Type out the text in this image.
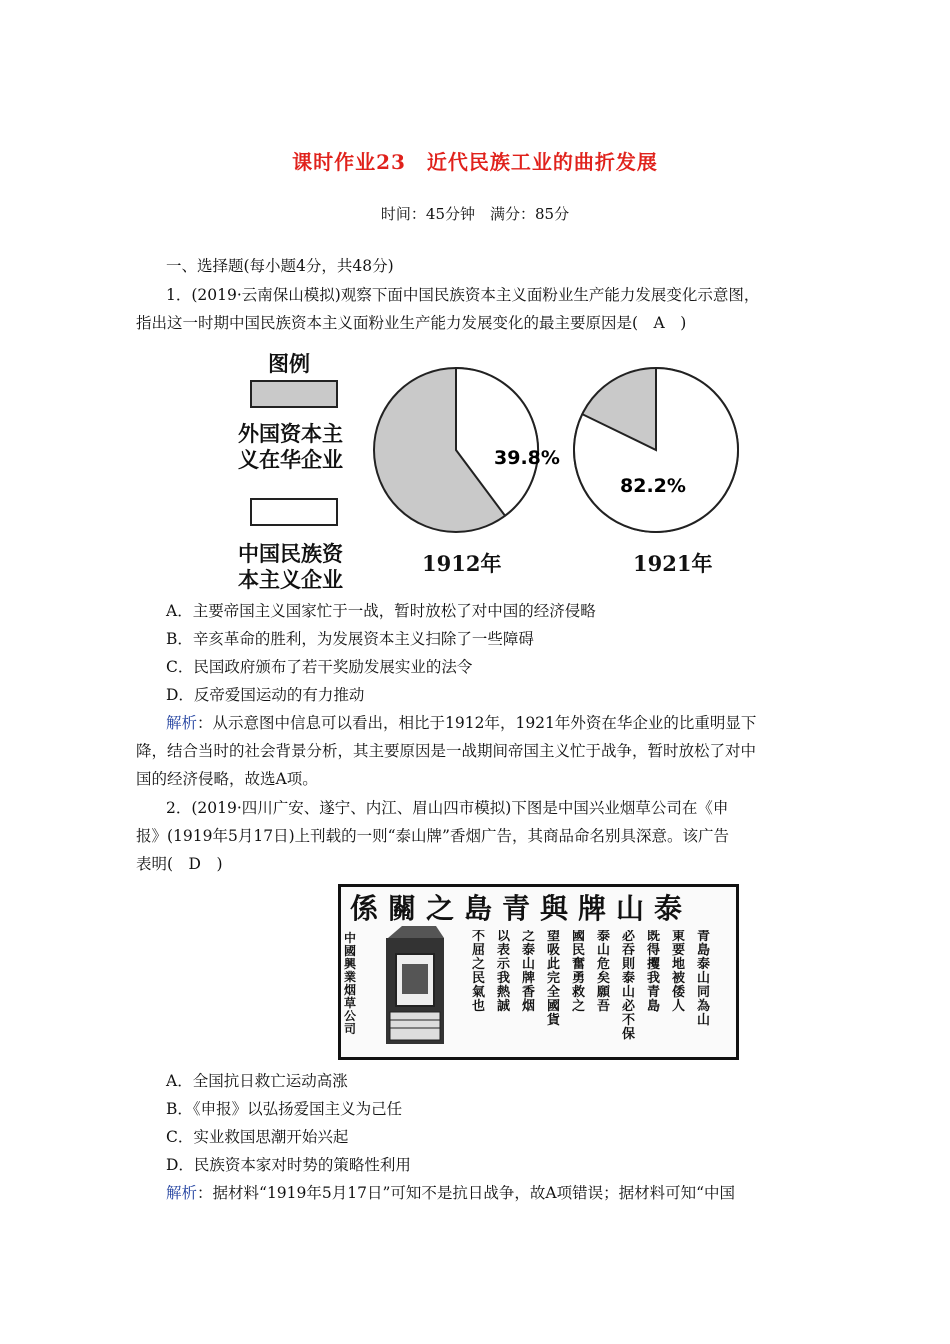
课时作业23　近代民族工业的曲折发展
时间：45分钟　满分：85分
一、选择题(每小题4分，共48分)
1．(2019·云南保山模拟)观察下面中国民族资本主义面粉业生产能力发展变化示意图，
指出这一时期中国民族资本主义面粉业生产能力发展变化的最主要原因是(　A　)
图例
外国资本主
义在华企业
中国民族资
本主义企业
39.8%
82.2%
1912年	1921年
A．主要帝国主义国家忙于一战，暂时放松了对中国的经济侵略
B．辛亥革命的胜利，为发展资本主义扫除了一些障碍
C．民国政府颁布了若干奖励发展实业的法令
D．反帝爱国运动的有力推动
解析：从示意图中信息可以看出，相比于1912年，1921年外资在华企业的比重明显下
降，结合当时的社会背景分析，其主要原因是一战期间帝国主义忙于战争，暂时放松了对中
国的经济侵略，故选A项。
2．(2019·四川广安、遂宁、内江、眉山四市模拟)下图是中国兴业烟草公司在《申
报》(1919年5月17日)上刊载的一则“泰山牌”香烟广告，其商品命名别具深意。该广告
表明(　D　)
係關之島青與牌山泰
中國興業烟草公司
青島泰山同為山
東要地被倭人
既得攫我青島
必吞則泰山必不保
泰山危矣願吾
國民奮勇救之
望吸此完全國貨
之泰山牌香烟
以表示我熱誠
不屈之民氣也
A．全国抗日救亡运动高涨
B．《申报》以弘扬爱国主义为己任
C．实业救国思潮开始兴起
D．民族资本家对时势的策略性利用
解析：据材料“1919年5月17日”可知不是抗日战争，故A项错误；据材料可知“中国
